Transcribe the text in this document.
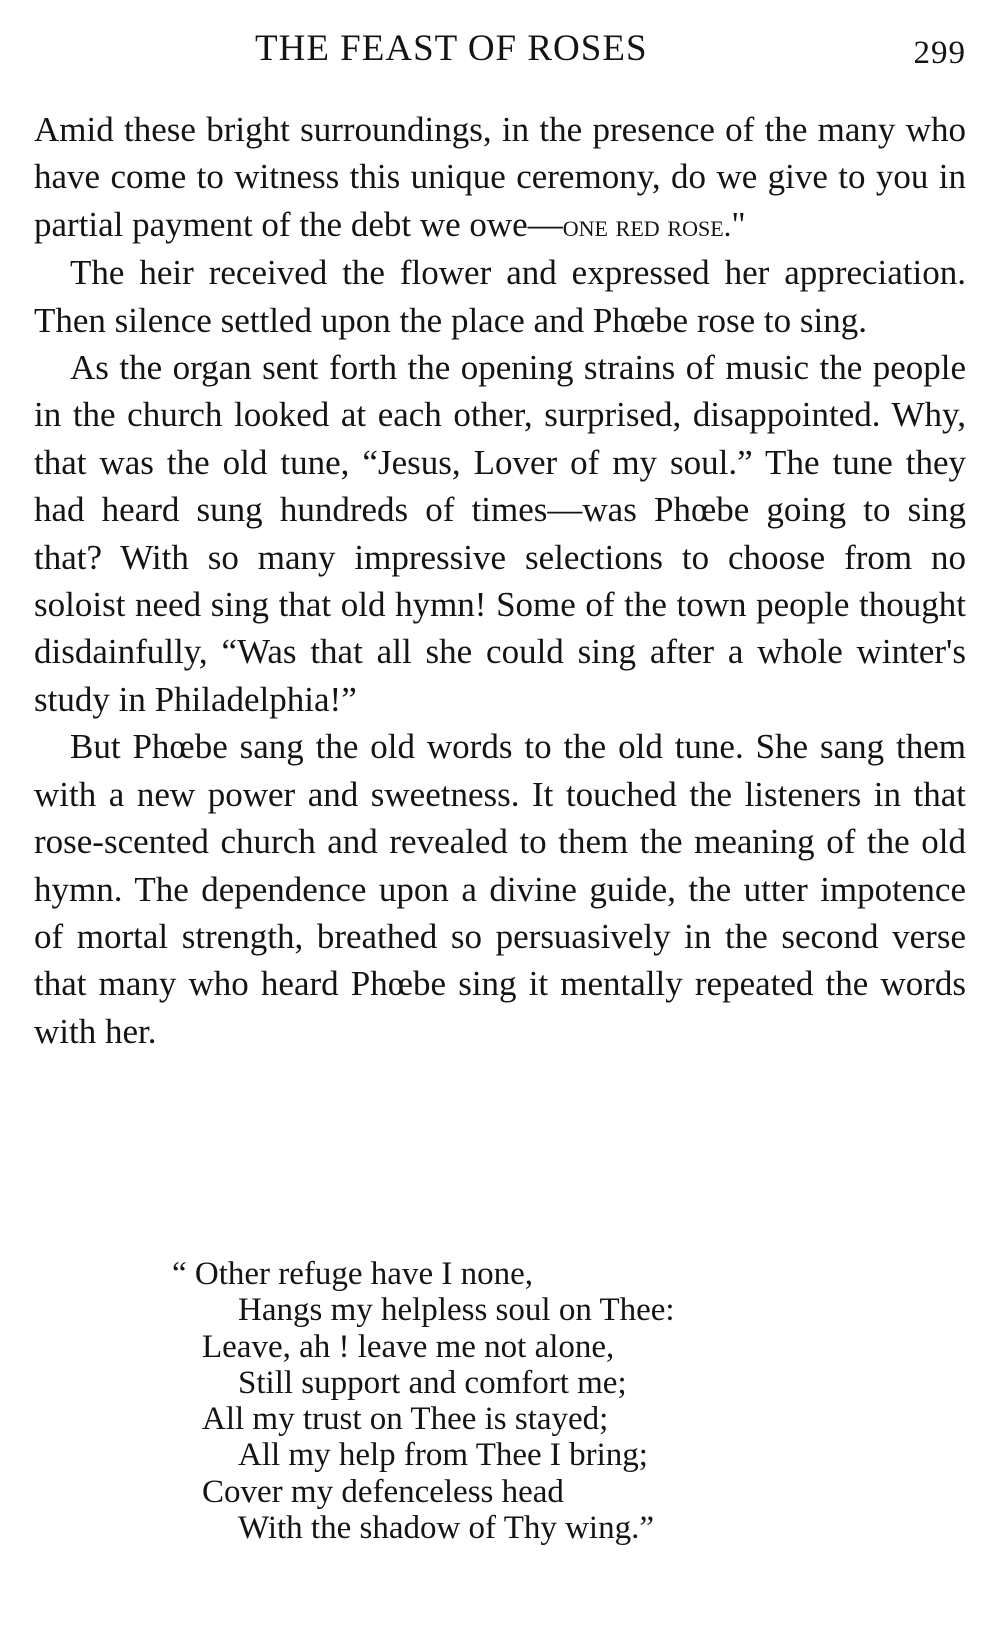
THE FEAST OF ROSES	299

Amid these bright surroundings, in the presence of the many who have come to witness this unique ceremony, do we give to you in partial payment of the debt we owe—one red rose."

The heir received the flower and expressed her appreciation. Then silence settled upon the place and Phœbe rose to sing.

As the organ sent forth the opening strains of music the people in the church looked at each other, surprised, disappointed. Why, that was the old tune, “Jesus, Lover of my soul.” The tune they had heard sung hundreds of times—was Phœbe going to sing that? With so many impressive selections to choose from no soloist need sing that old hymn! Some of the town people thought disdainfully, “Was that all she could sing after a whole winter's study in Philadelphia!”

But Phœbe sang the old words to the old tune. She sang them with a new power and sweetness. It touched the listeners in that rose-scented church and revealed to them the meaning of the old hymn. The dependence upon a divine guide, the utter impotence of mortal strength, breathed so persuasively in the second verse that many who heard Phœbe sing it mentally repeated the words with her.

“ Other refuge have I none,

Hangs my helpless soul on Thee:

Leave, ah ! leave me not alone,

Still support and comfort me;

All my trust on Thee is stayed;

All my help from Thee I bring;

Cover my defenceless head

With the shadow of Thy wing.”
